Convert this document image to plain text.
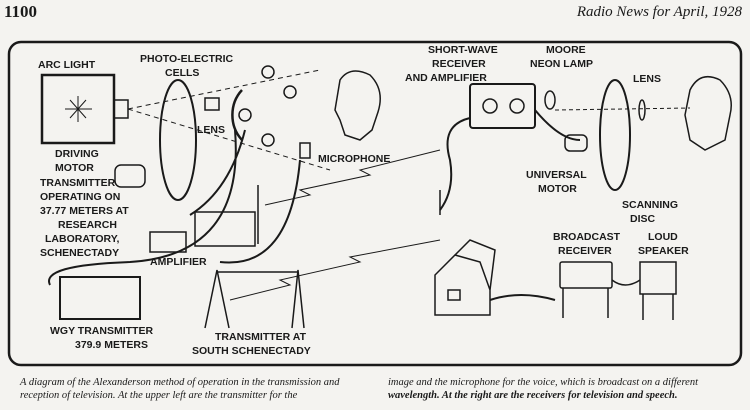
1100	Radio News for April, 1928
ARC LIGHT	PHOTO-ELECTRIC
CELLS
LENS
DRIVING
MOTOR
MICROPHONE
TRANSMITTER
OPERATING ON
37.77 METERS AT
RESEARCH
LABORATORY,
SCHENECTADY
AMPLIFIER
WGY TRANSMITTER
379.9 METERS
TRANSMITTER AT
SOUTH SCHENECTADY
SHORT-WAVE
RECEIVER
AND AMPLIFIER
MOORE
NEON LAMP
LENS
UNIVERSAL
MOTOR
SCANNING
DISC
BROADCAST
RECEIVER
LOUD
SPEAKER
A diagram of the Alexanderson method of operation in the transmission and reception of television. At the upper left are the transmitter for the
image and the microphone for the voice, which is broadcast on a different wavelength. At the right are the receivers for television and speech.
